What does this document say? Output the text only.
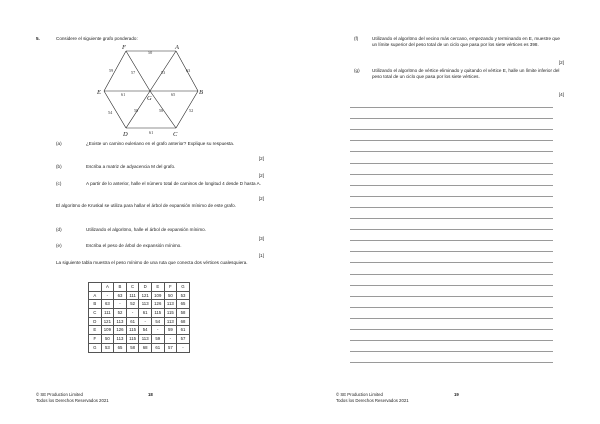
5.	Considere el siguiente grafo ponderado:
F	A
E
G
B
D	C
50
59	57	53	63
61	65
54	58	58	52
61
(a)	¿Existe un camino euleriano en el grafo anterior? Explique su respuesta.
[2]
(b)	Escriba a matriz de adyacencia M del grafo.
[2]
(c)	A partir de lo anterior, halle el número total de caminos de longitud 4 desde D hasta A.
[2]
El algoritmo de Kruskal se utiliza para hallar el árbol de expansión mínimo de este grafo.
(d)	Utilizando el algoritmo, halle el árbol de expansión mínimo.
[3]
(e)	Escriba el peso de árbol de expansión mínimo.
[1]
La siguiente tabla muestra el peso mínimo de una ruta que conecta dos vértices cualesquiera.
	A	B	C	D	E	F	G
A	-	63	111	121	109	50	53
B	63	-	52	113	126	113	65
C	111	52	-	61	115	115	58
D	121	113	61	-	54	113	68
E	109	126	115	54	-	59	61
F	50	113	115	113	59	-	57
G	53	65	58	68	61	57	-
© SE Production Limited
Todos los Derechos Reservados 2021
18
(f)	Utilizando el algoritmo del vecino más cercano, empezando y terminando en E, muestre que un límite superior del peso total de un ciclo que pasa por los siete vértices es 398.
[2]
(g)	Utilizando el algoritmo de vértice eliminado y quitando el vértice E, halle un límite inferior del peso total de un ciclo que pasa por los siete vértices.
[4]
© SE Production Limited
Todos los Derechos Reservados 2021
19
